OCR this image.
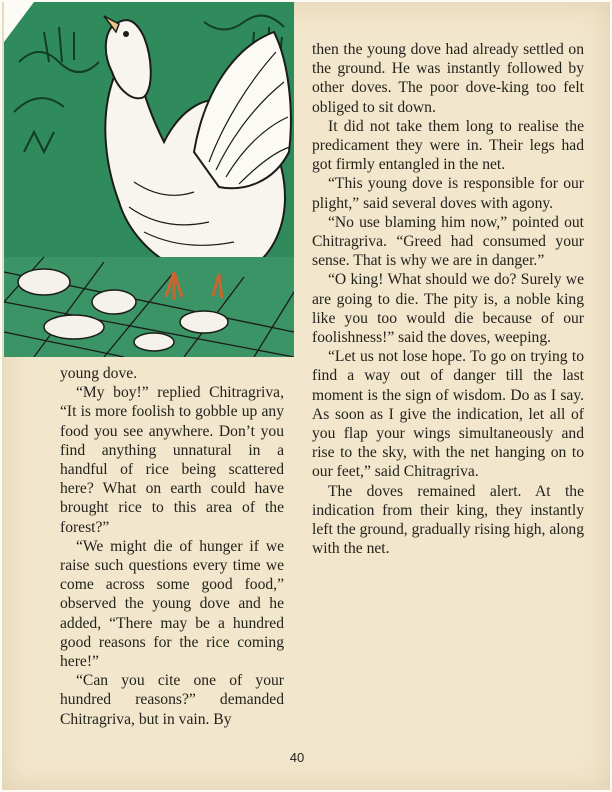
young dove.

“My boy!” replied Chitragriva, “It is more foolish to gobble up any food you see anywhere. Don’t you find anything unnatural in a handful of rice being scattered here? What on earth could have brought rice to this area of the forest?”

“We might die of hunger if we raise such questions every time we come across some good food,” observed the young dove and he added, “There may be a hundred good reasons for the rice coming here!”

“Can you cite one of your hundred reasons?” demanded Chitragriva, but in vain. By

then the young dove had already settled on the ground. He was instantly followed by other doves. The poor dove-king too felt obliged to sit down.

It did not take them long to realise the predicament they were in. Their legs had got firmly entangled in the net.

“This young dove is responsible for our plight,” said several doves with agony.

“No use blaming him now,” pointed out Chitragriva. “Greed had consumed your sense. That is why we are in danger.”

“O king! What should we do? Surely we are going to die. The pity is, a noble king like you too would die because of our foolishness!” said the doves, weeping.

“Let us not lose hope. To go on trying to find a way out of danger till the last moment is the sign of wisdom. Do as I say. As soon as I give the indication, let all of you flap your wings simultaneously and rise to the sky, with the net hanging on to our feet,” said Chitragriva.

The doves remained alert. At the indication from their king, they instantly left the ground, gradually rising high, along with the net.

40
